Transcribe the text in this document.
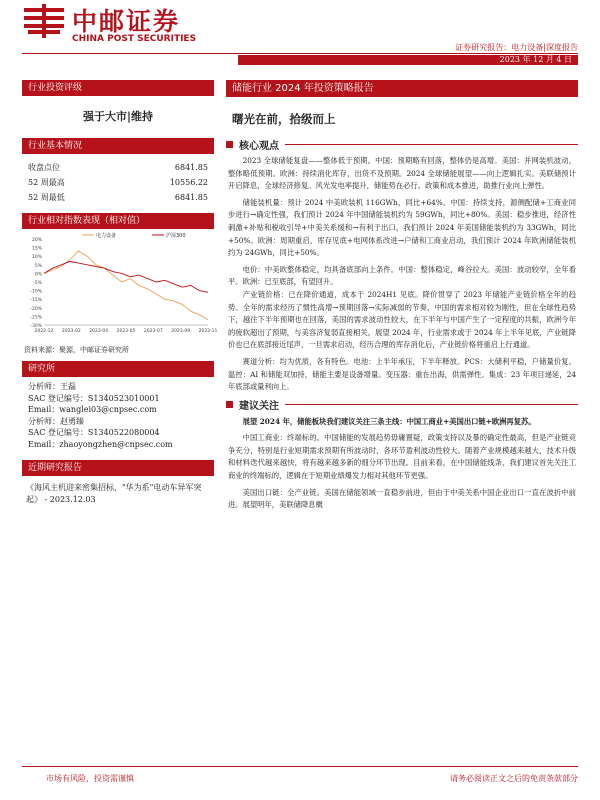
中邮证券
CHINA POST SECURITIES
证券研究报告：电力设备|深度报告
2023 年 12 月 4 日
行业投资评级
强于大市|维持
行业基本情况
收盘点位	6841.85
52 周最高	10556.22
52 周最低	6841.85
行业相对指数表现（相对值）
20%
15%
10%
5%
0%
-5%
-10%
-15%
-20%
-25%
-30%
2022-12 2023-02 2023-04 2023-05 2023-07 2023-09 2023-11
电力设备	沪深300
资料来源：聚源，中邮证券研究所
研究所
分析师：王磊
SAC 登记编号：S1340523010001
Email：wanglei03@cnpsec.com
分析师：赵勇臻
SAC 登记编号：S1340522080004
Email：zhaoyongzhen@cnpsec.com
近期研究报告
《海风主机迎来密集招标，"华为系"电动车异军突起》 - 2023.12.03
储能行业 2024 年投资策略报告
曙光在前，拾级而上
核心观点

2023 全球储能复盘——整体低于预期。中国：预期略有回落，整体仍是高增。美国：并网装机波动，整体略低预期。欧洲：持续消化库存，出货不及预期。2024 全球储能展望——向上逻辑扎实。美联储预计开启降息，全球经济修复。风光发电率提升，储能势在必行。政策和成本推进，助推行业向上弹性。

储能装机量：预计 2024 中美欧装机 116GWh，同比+64%。中国：持续支持，源侧配储+工商业同步进行→确定性强，我们预计 2024 年中国储能装机约为 59GWh，同比+80%。美国：稳步推进，经济性刺激+补贴和税收引导+中美关系缓和→有利于出口，我们预计 2024 年美国储能装机约为 33GWh，同比+50%。欧洲：周期重启，库存见底+电网体系改进→户储和工商业启动，我们预计 2024 年欧洲储能装机约为 24GWh，同比+50%。

电价：中美欧整体稳定，均具备底部向上条件。中国：整体稳定，峰谷拉大。美国：波动较窄，全年看平。欧洲：已至底部，有望回升。

产业链价格：已在降价通道，成本于 2024H1 见底。降价贯穿了 2023 年储能产业链价格全年的趋势。全年的需求经历了惯性高增→预期回落→实际减弱的节奏，中国的需求相对较为刚性，但在全球性趋势下，越往下半年预期也在回落，美国的需求波动性较大，在下半年与中国产生了一定程度的共振，欧洲今年的疲软超出了预期，与美容济复弱直接相关。展望 2024 年，行业需求或于 2024 年上半年见底，产业链降价也已在底部接近尾声，一旦需求启动，经历合理的库存消化后，产业链价格将重启上行通道。

赛道分析：均为优质，各有特色。电池：上半年承压，下半年释放。PCS：大储利平稳，户储量价复。温控：AI 和储能双加持，储能主要是设备增量。变压器：重在出海，供需弹性。集成：23 年项目递延，24 年底部或量利向上。

建议关注

展望 2024 年，储能板块我们建议关注三条主线：中国工商业+美国出口链+欧洲再复苏。

中国工商业：终端标的。中国储能的发展趋势毋庸置疑，政策支持以及暴的确定性最高，但是产业链竞争充分，特别是行业短期需求预期有所波动时，各环节盈利波动性较大。随着产业规模越来越大，技术升级和材料迭代越来越快，将有越来越多新的细分环节出现。目前来看，在中国储能线条，我们建议首先关注工商业的终端标的，逻辑在于短期业绩爆发力相对其他环节更强。

美国出口链：全产业链。美国在储能领域一直稳步前进，但由于中美关系中国企业出口一直在波折中前进。展望明年，美联储降息概

市场有风险，投资需谨慎	请务必阅读正文之后的免责条款部分
